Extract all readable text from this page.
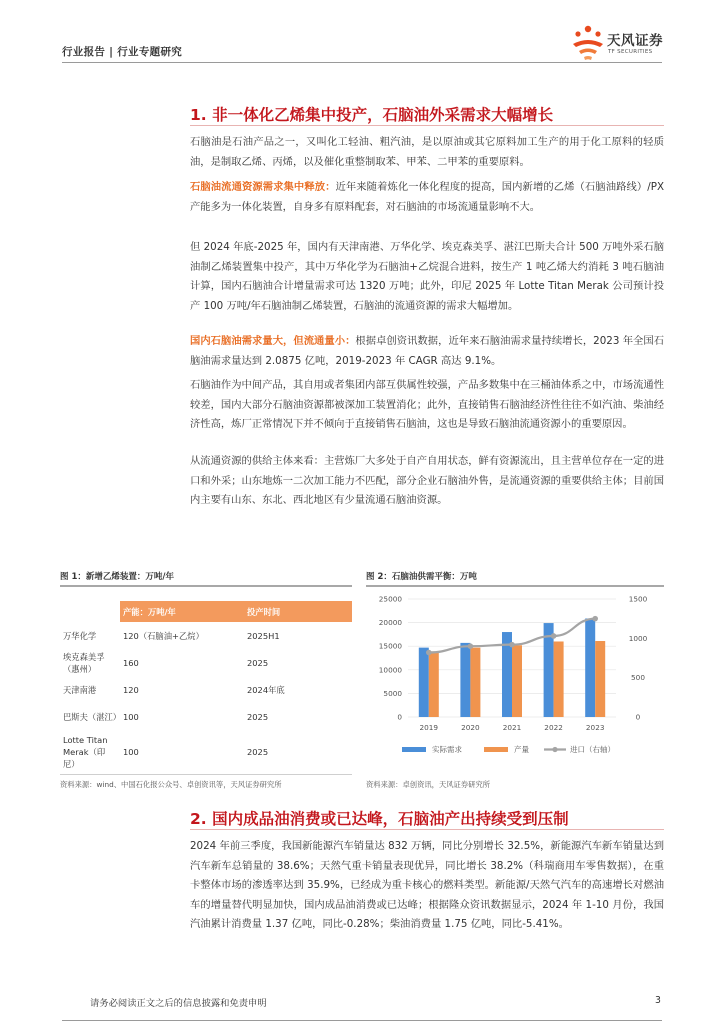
行业报告 | 行业专题研究
天风证券
TF SECURITIES
1. 非一体化乙烯集中投产，石脑油外采需求大幅增长
石脑油是石油产品之一，又叫化工轻油、粗汽油，是以原油或其它原料加工生产的用于化工原料的轻质油，是制取乙烯、丙烯，以及催化重整制取苯、甲苯、二甲苯的重要原料。
石脑油流通资源需求集中释放：近年来随着炼化一体化程度的提高，国内新增的乙烯（石脑油路线）/PX 产能多为一体化装置，自身多有原料配套，对石脑油的市场流通量影响不大。
但 2024 年底-2025 年，国内有天津南港、万华化学、埃克森美孚、湛江巴斯夫合计 500 万吨外采石脑油制乙烯装置集中投产，其中万华化学为石脑油+乙烷混合进料，按生产 1 吨乙烯大约消耗 3 吨石脑油计算，国内石脑油合计增量需求可达 1320 万吨；此外，印尼 2025 年 Lotte Titan Merak 公司预计投产 100 万吨/年石脑油制乙烯装置，石脑油的流通资源的需求大幅增加。
国内石脑油需求量大，但流通量小：根据卓创资讯数据，近年来石脑油需求量持续增长，2023 年全国石脑油需求量达到 2.0875 亿吨，2019-2023 年 CAGR 高达 9.1%。
石脑油作为中间产品，其自用或者集团内部互供属性较强，产品多数集中在三桶油体系之中，市场流通性较差，国内大部分石脑油资源都被深加工装置消化；此外，直接销售石脑油经济性往往不如汽油、柴油经济性高，炼厂正常情况下并不倾向于直接销售石脑油，这也是导致石脑油流通资源小的重要原因。
从流通资源的供给主体来看：主营炼厂大多处于自产自用状态，鲜有资源流出，且主营单位存在一定的进口和外采；山东地炼一二次加工能力不匹配，部分企业石脑油外售，是流通资源的重要供给主体；目前国内主要有山东、东北、西北地区有少量流通石脑油资源。
图 1：新增乙烯装置：万吨/年
	产能：万吨/年	投产时间
万华化学	120（石脑油+乙烷）	2025H1
埃克森美孚（惠州）	160	2025
天津南港	120	2024年底
巴斯夫（湛江）	100	2025
Lotte Titan Merak（印尼）	100	2025
资料来源：wind、中国石化报公众号、卓创资讯等，天风证券研究所
图 2：石脑油供需平衡：万吨
0
5000
10000
15000
20000
25000
0
500
1000
1500
2019	2020	2021	2022	2023
实际需求	产量	进口（右轴）
资料来源：卓创资讯，天风证券研究所
2. 国内成品油消费或已达峰，石脑油产出持续受到压制
2024 年前三季度，我国新能源汽车销量达 832 万辆，同比分别增长 32.5%，新能源汽车新车销量达到汽车新车总销量的 38.6%；天然气重卡销量表现优异，同比增长 38.2%（科瑞商用车零售数据），在重卡整体市场的渗透率达到 35.9%，已经成为重卡核心的燃料类型。新能源/天然气汽车的高速增长对燃油车的增量替代明显加快，国内成品油消费或已达峰；根据隆众资讯数据显示，2024 年 1-10 月份，我国汽油累计消费量 1.37 亿吨，同比-0.28%；柴油消费量 1.75 亿吨，同比-5.41%。
请务必阅读正文之后的信息披露和免责申明	3
